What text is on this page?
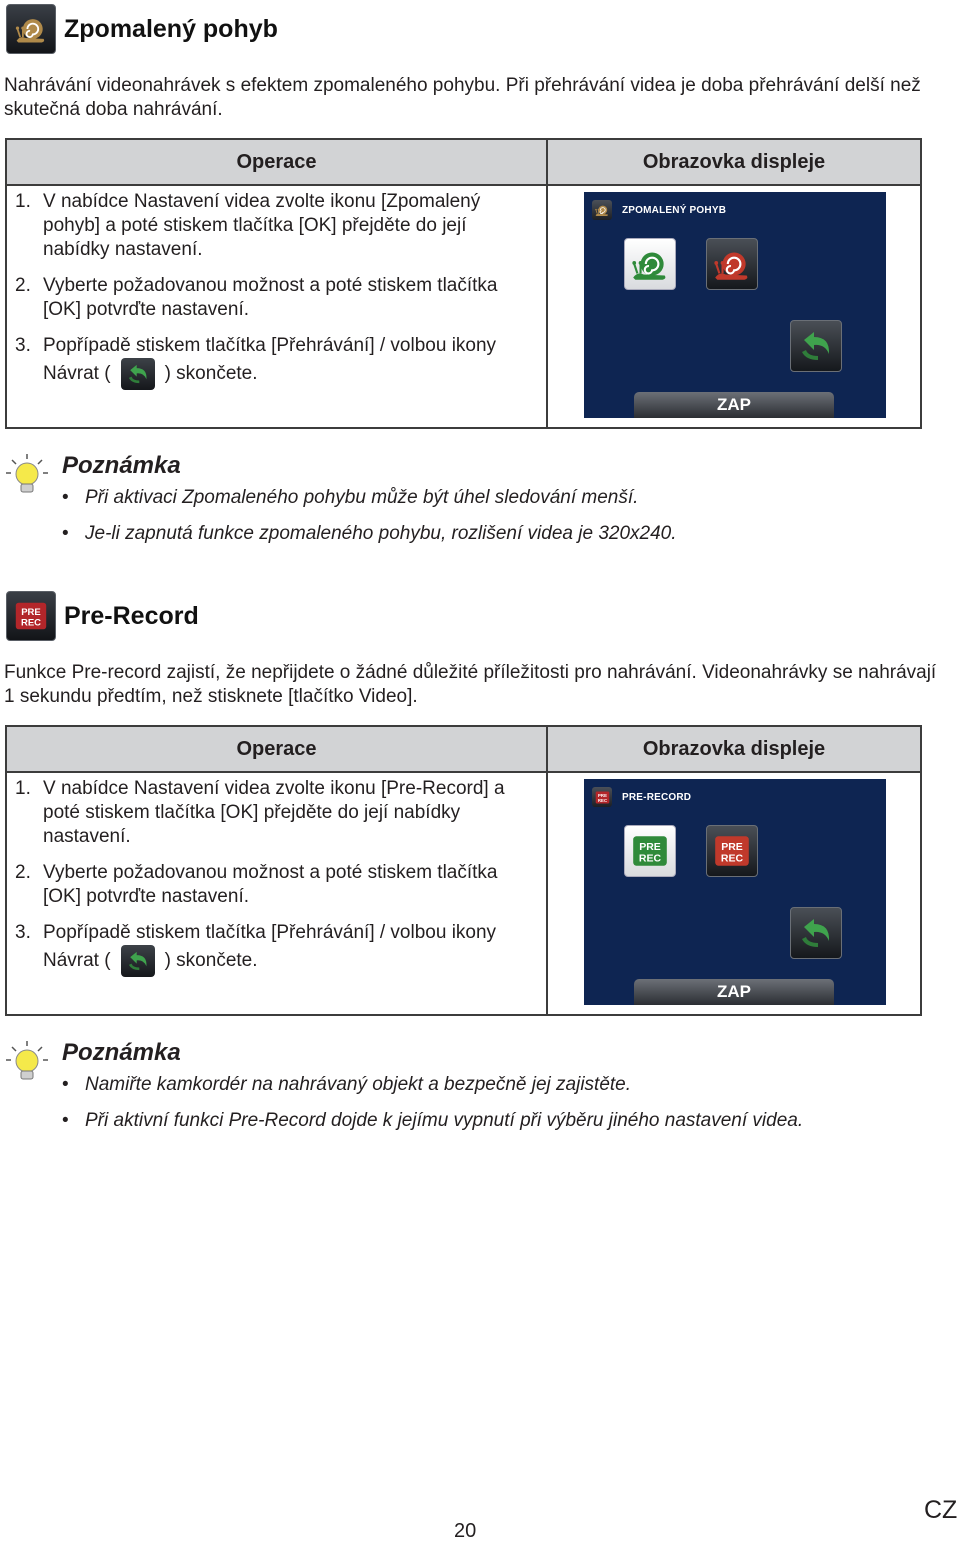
Zpomalený pohyb
Nahrávání videonahrávek s efektem zpomaleného pohybu. Při přehrávání videa je doba přehrávání delší než skutečná doba nahrávání.
Operace	Obrazovka displeje
1. V nabídce Nastavení videa zvolte ikonu [Zpomalený pohyb] a poté stiskem tlačítka [OK] přejděte do její nabídky nastavení.
2. Vyberte požadovanou možnost a poté stiskem tlačítka [OK] potvrďte nastavení.
3. Popřípadě stiskem tlačítka [Přehrávání] / volbou ikony Návrat (	) skončete.
ZPOMALENÝ POHYB
ZAP
Poznámka
• Při aktivaci Zpomaleného pohybu může být úhel sledování menší.
• Je-li zapnutá funkce zpomaleného pohybu, rozlišení videa je 320x240.
Pre-Record
Funkce Pre-record zajistí, že nepřijdete o žádné důležité příležitosti pro nahrávání. Videonahrávky se nahrávají 1 sekundu předtím, než stisknete [tlačítko Video].
Operace	Obrazovka displeje
1. V nabídce Nastavení videa zvolte ikonu [Pre-Record] a poté stiskem tlačítka [OK] přejděte do její nabídky nastavení.
2. Vyberte požadovanou možnost a poté stiskem tlačítka [OK] potvrďte nastavení.
3. Popřípadě stiskem tlačítka [Přehrávání] / volbou ikony Návrat (	) skončete.
PRE-RECORD
ZAP
Poznámka
• Namiřte kamkordér na nahrávaný objekt a bezpečně jej zajistěte.
• Při aktivní funkci Pre-Record dojde k jejímu vypnutí při výběru jiného nastavení videa.
20
CZ
